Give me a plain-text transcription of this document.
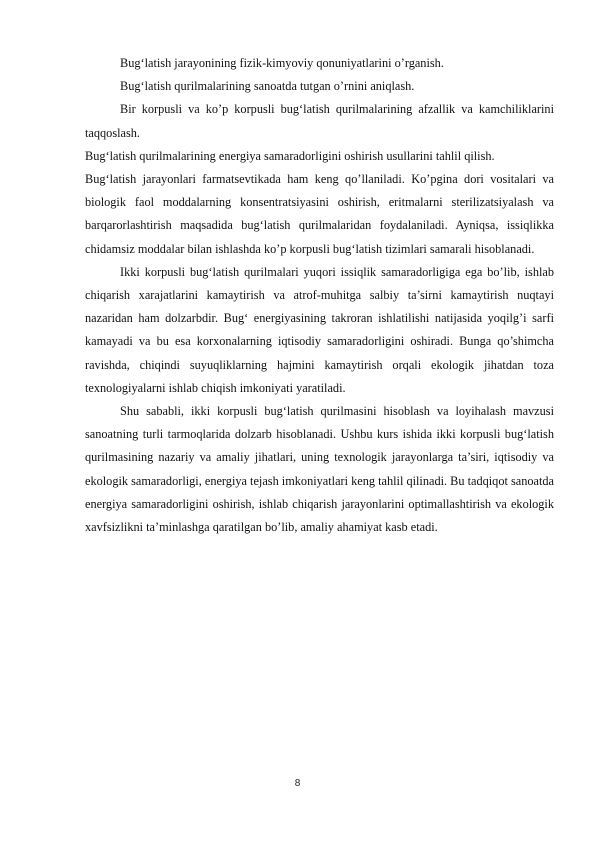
Bug‘latish jarayonining fizik-kimyoviy qonuniyatlarini o’rganish.

Bug‘latish qurilmalarining sanoatda tutgan o’rnini aniqlash.

Bir korpusli va ko’p korpusli bug‘latish qurilmalarining afzallik va kamchiliklarini taqqoslash.

Bug‘latish qurilmalarining energiya samaradorligini oshirish usullarini tahlil qilish.

Bug‘latish jarayonlari farmatsevtikada ham keng qo’llaniladi. Ko’pgina dori vositalari va biologik faol moddalarning konsentratsiyasini oshirish, eritmalarni sterilizatsiyalash va barqarorlashtirish maqsadida bug‘latish qurilmalaridan foydalaniladi. Ayniqsa, issiqlikka chidamsiz moddalar bilan ishlashda ko’p korpusli bug‘latish tizimlari samarali hisoblanadi.

Ikki korpusli bug‘latish qurilmalari yuqori issiqlik samaradorligiga ega bo’lib, ishlab chiqarish xarajatlarini kamaytirish va atrof-muhitga salbiy ta’sirni kamaytirish nuqtayi nazaridan ham dolzarbdir. Bug‘ energiyasining takroran ishlatilishi natijasida yoqilg’i sarfi kamayadi va bu esa korxonalarning iqtisodiy samaradorligini oshiradi. Bunga qo’shimcha ravishda, chiqindi suyuqliklarning hajmini kamaytirish orqali ekologik jihatdan toza texnologiyalarni ishlab chiqish imkoniyati yaratiladi.

Shu sababli, ikki korpusli bug‘latish qurilmasini hisoblash va loyihalash mavzusi sanoatning turli tarmoqlarida dolzarb hisoblanadi. Ushbu kurs ishida ikki korpusli bug‘latish qurilmasining nazariy va amaliy jihatlari, uning texnologik jarayonlarga ta’siri, iqtisodiy va ekologik samaradorligi, energiya tejash imkoniyatlari keng tahlil qilinadi. Bu tadqiqot sanoatda energiya samaradorligini oshirish, ishlab chiqarish jarayonlarini optimallashtirish va ekologik xavfsizlikni ta’minlashga qaratilgan bo’lib, amaliy ahamiyat kasb etadi.

8
